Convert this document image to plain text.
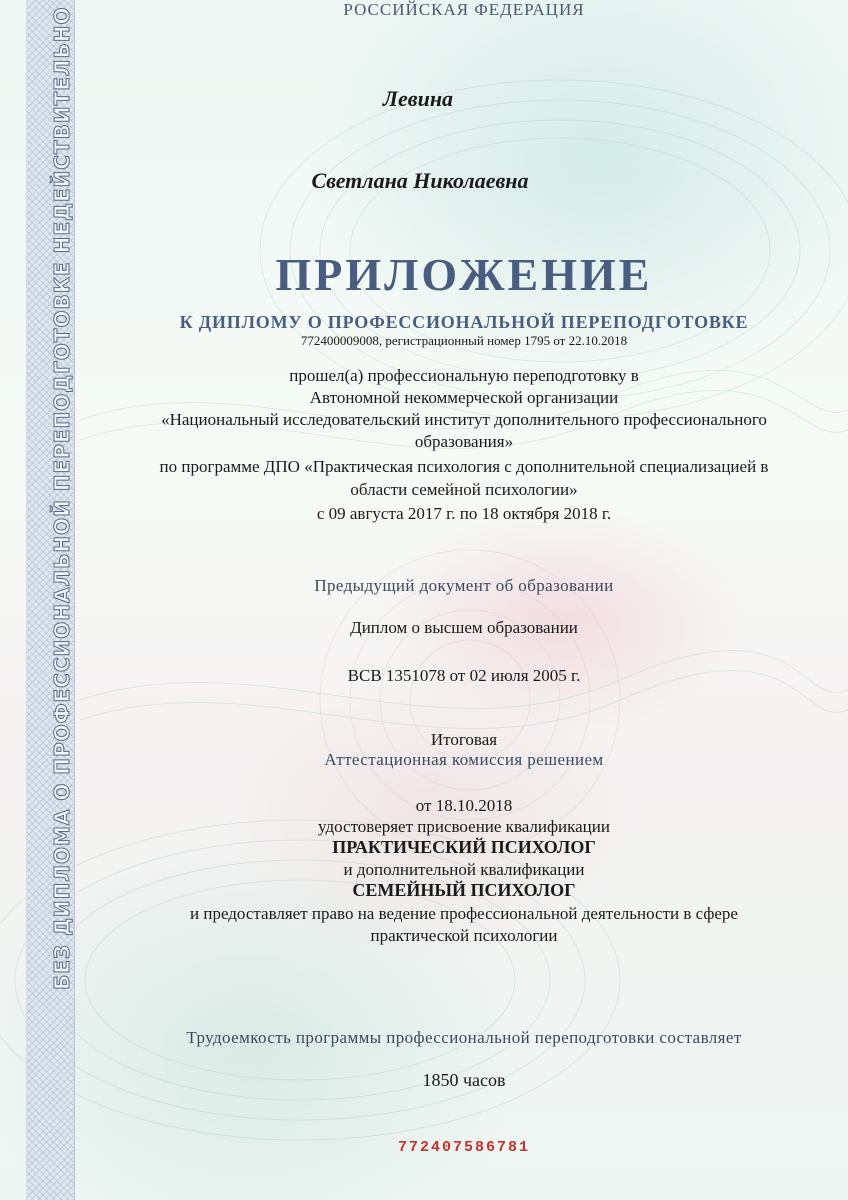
БЕЗ ДИПЛОМА О ПРОФЕССИОНАЛЬНОЙ ПЕРЕПОДГОТОВКЕ НЕДЕЙСТВИТЕЛЬНО	РОССИЙСКАЯ ФЕДЕРАЦИЯ
Левина
Светлана Николаевна
ПРИЛОЖЕНИЕ
К ДИПЛОМУ О ПРОФЕССИОНАЛЬНОЙ ПЕРЕПОДГОТОВКЕ
772400009008, регистрационный номер 1795 от 22.10.2018
прошел(а) профессиональную переподготовку в
Автономной некоммерческой организации
«Национальный исследовательский институт дополнительного профессионального
образования»
по программе ДПО «Практическая психология с дополнительной специализацией в
области семейной психологии»
с 09 августа 2017 г. по 18 октября 2018 г.
Предыдущий документ об образовании
Диплом о высшем образовании
ВСВ 1351078 от 02 июля 2005 г.
Итоговая
Аттестационная комиссия решением
от 18.10.2018
удостоверяет присвоение квалификации
ПРАКТИЧЕСКИЙ ПСИХОЛОГ
и дополнительной квалификации
СЕМЕЙНЫЙ ПСИХОЛОГ
и предоставляет право на ведение профессиональной деятельности в сфере
практической психологии
Трудоемкость программы профессиональной переподготовки составляет
1850 часов
772407586781
